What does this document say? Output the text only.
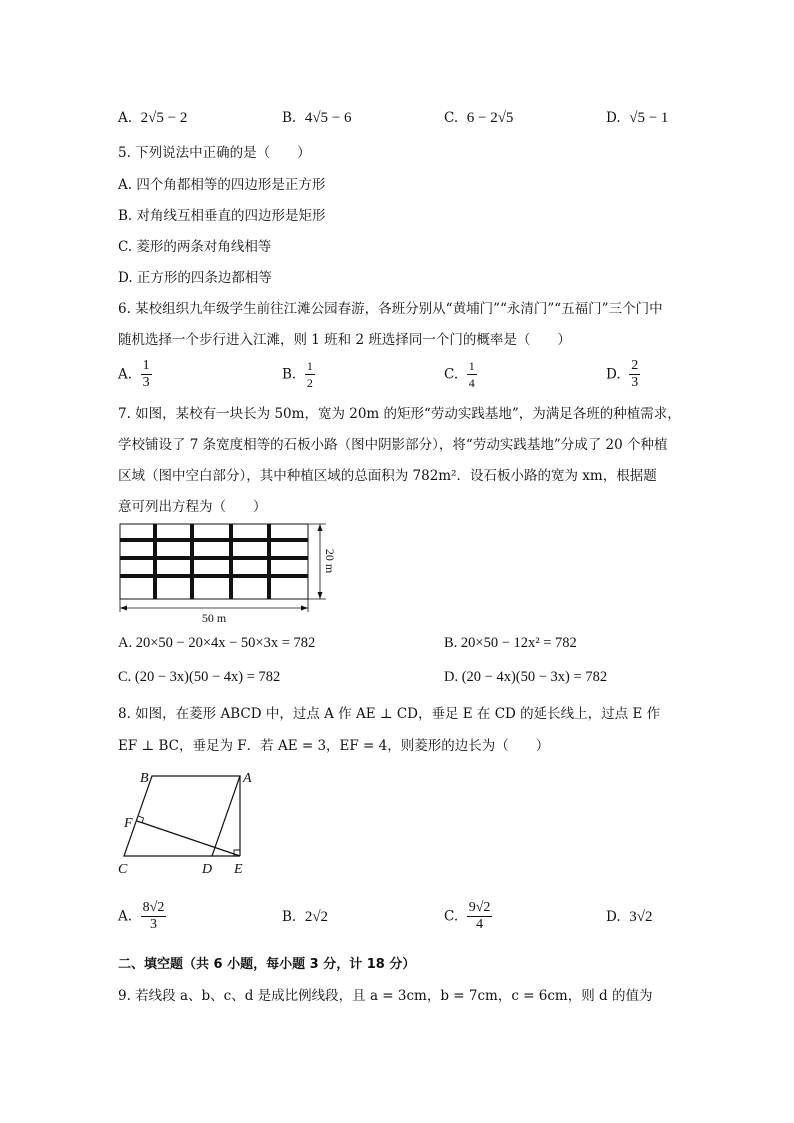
A. 2√5 − 2	B. 4√5 − 6	C. 6 − 2√5	D. √5 − 1
5. 下列说法中正确的是（　　）
A. 四个角都相等的四边形是正方形
B. 对角线互相垂直的四边形是矩形
C. 菱形的两条对角线相等
D. 正方形的四条边都相等
6. 某校组织九年级学生前往江滩公园春游，各班分别从“黄埔门”“永清门”“五福门”三个门中
随机选择一个步行进入江滩，则 1 班和 2 班选择同一个门的概率是（　　）
A. $\frac{1}{3}$	B. $\frac{1}{2}$	C. $\frac{1}{4}$	D. $\frac{2}{3}$
7. 如图，某校有一块长为 50m，宽为 20m 的矩形“劳动实践基地”，为满足各班的种植需求，
学校铺设了 7 条宽度相等的石板小路（图中阴影部分），将“劳动实践基地”分成了 20 个种植
区域（图中空白部分），其中种植区域的总面积为 782m²．设石板小路的宽为 xm，根据题
意可列出方程为（　　）
50 m
20 m
A. 20×50 − 20×4x − 50×3x = 782	B. 20×50 − 12x² = 782
C. (20 − 3x)(50 − 4x) = 782	D. (20 − 4x)(50 − 3x) = 782
8. 如图，在菱形 ABCD 中，过点 A 作 AE ⊥ CD，垂足 E 在 CD 的延长线上，过点 E 作
EF ⊥ BC，垂足为 F．若 AE = 3，EF = 4，则菱形的边长为（　　）
B	A
F
C	D E
A. $\frac{8√2}{3}$	B. 2√2	C. $\frac{9√2}{4}$	D. 3√2
二、填空题（共 6 小题，每小题 3 分，计 18 分）
9. 若线段 a、b、c、d 是成比例线段，且 a = 3cm，b = 7cm，c = 6cm，则 d 的值为
